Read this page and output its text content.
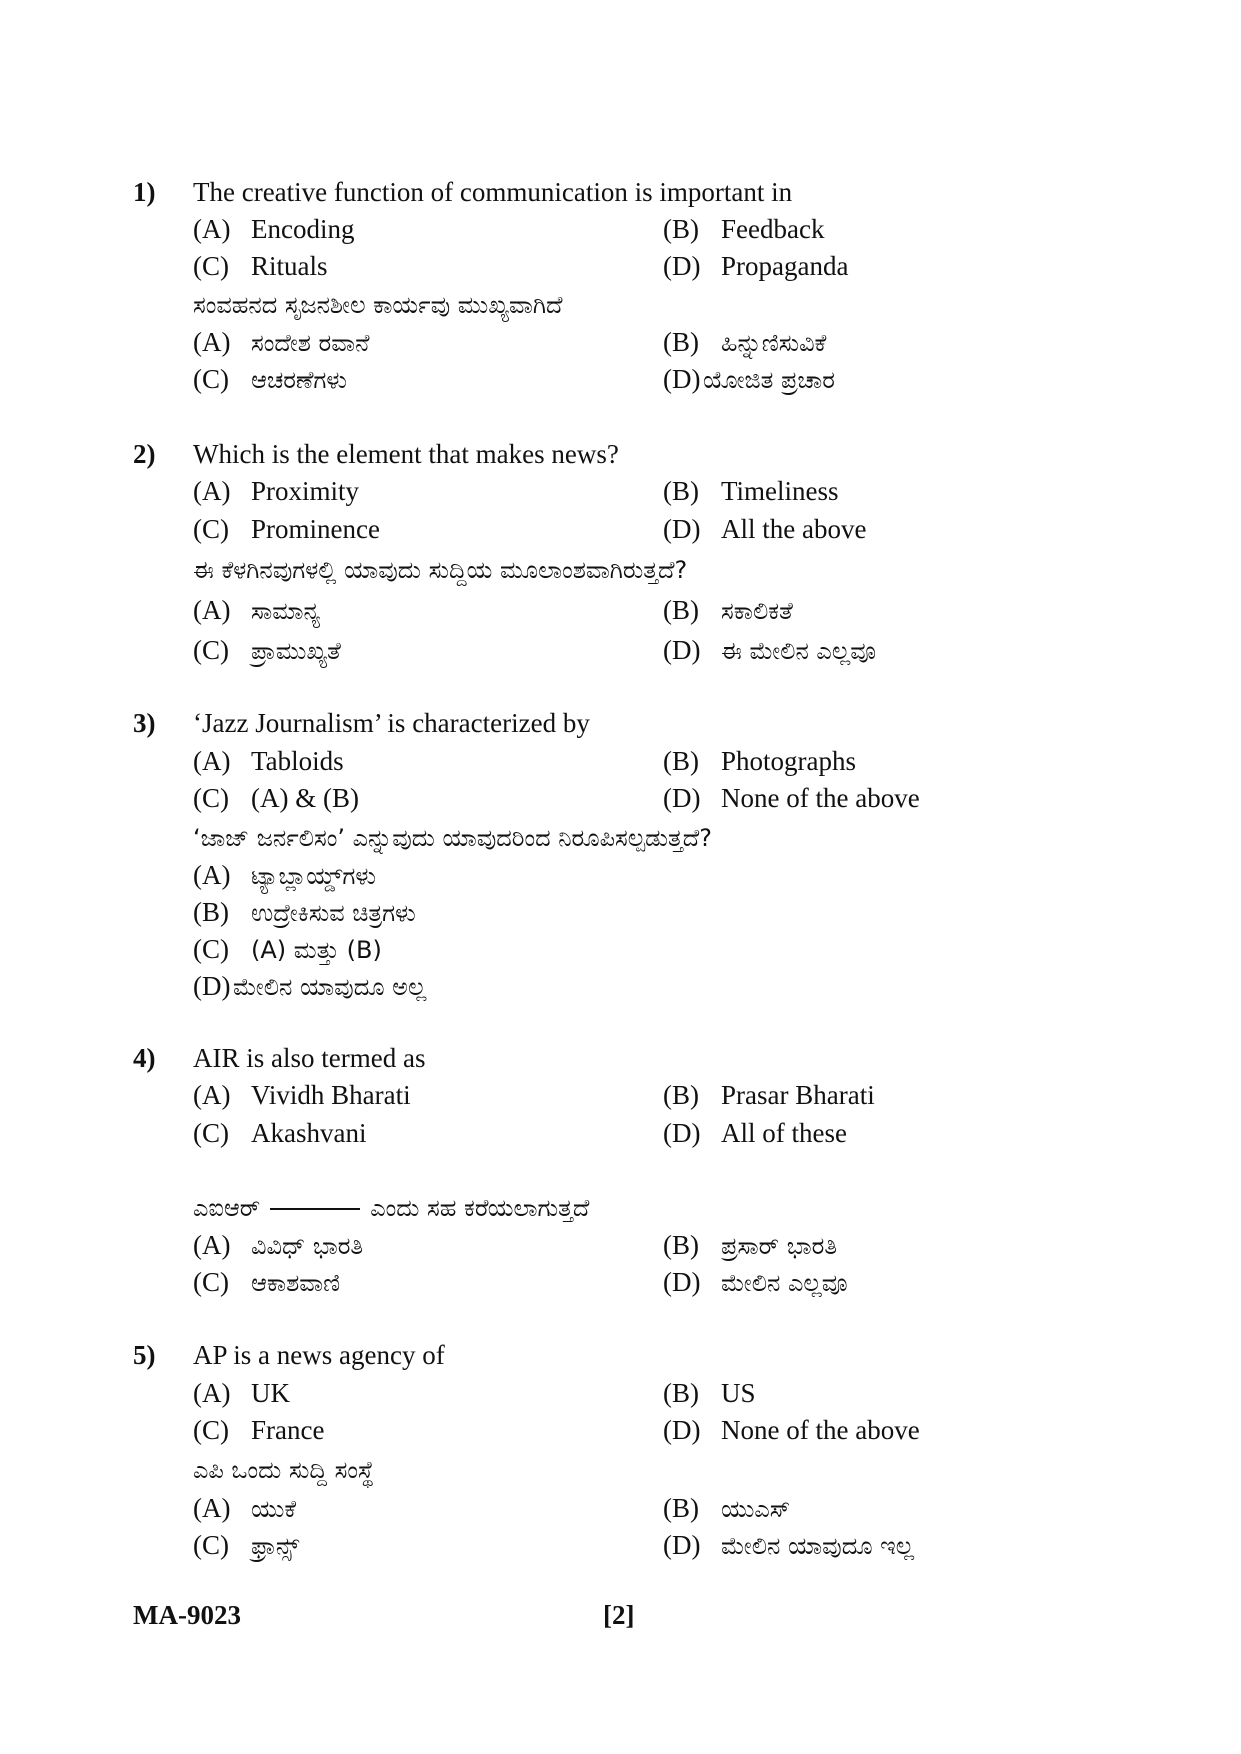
1) The creative function of communication is important in
(A) Encoding	(B) Feedback
(C) Rituals	(D) Propaganda
ಸಂವಹನದ ಸೃಜನಶೀಲ ಕಾರ್ಯವು ಮುಖ್ಯವಾಗಿದೆ
(A) ಸಂದೇಶ ರವಾನೆ	(B) ಹಿನ್ನುಣಿಸುವಿಕೆ
(C) ಆಚರಣೆಗಳು	(D) ಯೋಜಿತ ಪ್ರಚಾರ
2) Which is the element that makes news?
(A) Proximity	(B) Timeliness
(C) Prominence	(D) All the above
ಈ ಕೆಳಗಿನವುಗಳಲ್ಲಿ ಯಾವುದು ಸುದ್ದಿಯ ಮೂಲಾಂಶವಾಗಿರುತ್ತದೆ?
(A) ಸಾಮಾನ್ಯ	(B) ಸಕಾಲಿಕತೆ
(C) ಪ್ರಾಮುಖ್ಯತೆ	(D) ಈ ಮೇಲಿನ ಎಲ್ಲವೂ
3) ‘Jazz Journalism’ is characterized by
(A) Tabloids	(B) Photographs
(C) (A) & (B)	(D) None of the above
‘ಜಾಜ್ ಜರ್ನಲಿಸಂ’ ಎನ್ನುವುದು ಯಾವುದರಿಂದ ನಿರೂಪಿಸಲ್ಪಡುತ್ತದೆ?
(A) ಟ್ಯಾಬ್ಲಾಯ್ಡ್‌ಗಳು
(B) ಉದ್ರೇಕಿಸುವ ಚಿತ್ರಗಳು
(C) (A) ಮತ್ತು (B)
(D) ಮೇಲಿನ ಯಾವುದೂ ಅಲ್ಲ
4) AIR is also termed as
(A) Vividh Bharati	(B) Prasar Bharati
(C) Akashvani	(D) All of these
ಎಐಆರ್	ಎಂದು ಸಹ ಕರೆಯಲಾಗುತ್ತದೆ
(A) ವಿವಿಧ್ ಭಾರತಿ	(B) ಪ್ರಸಾರ್ ಭಾರತಿ
(C) ಆಕಾಶವಾಣಿ	(D) ಮೇಲಿನ ಎಲ್ಲವೂ
5) AP is a news agency of
(A) UK	(B) US
(C) France	(D) None of the above
ಎಪಿ ಒಂದು ಸುದ್ದಿ ಸಂಸ್ಥೆ
(A) ಯುಕೆ	(B) ಯುಎಸ್
(C) ಫ್ರಾನ್ಸ್	(D) ಮೇಲಿನ ಯಾವುದೂ ಇಲ್ಲ
MA-9023	[2]
